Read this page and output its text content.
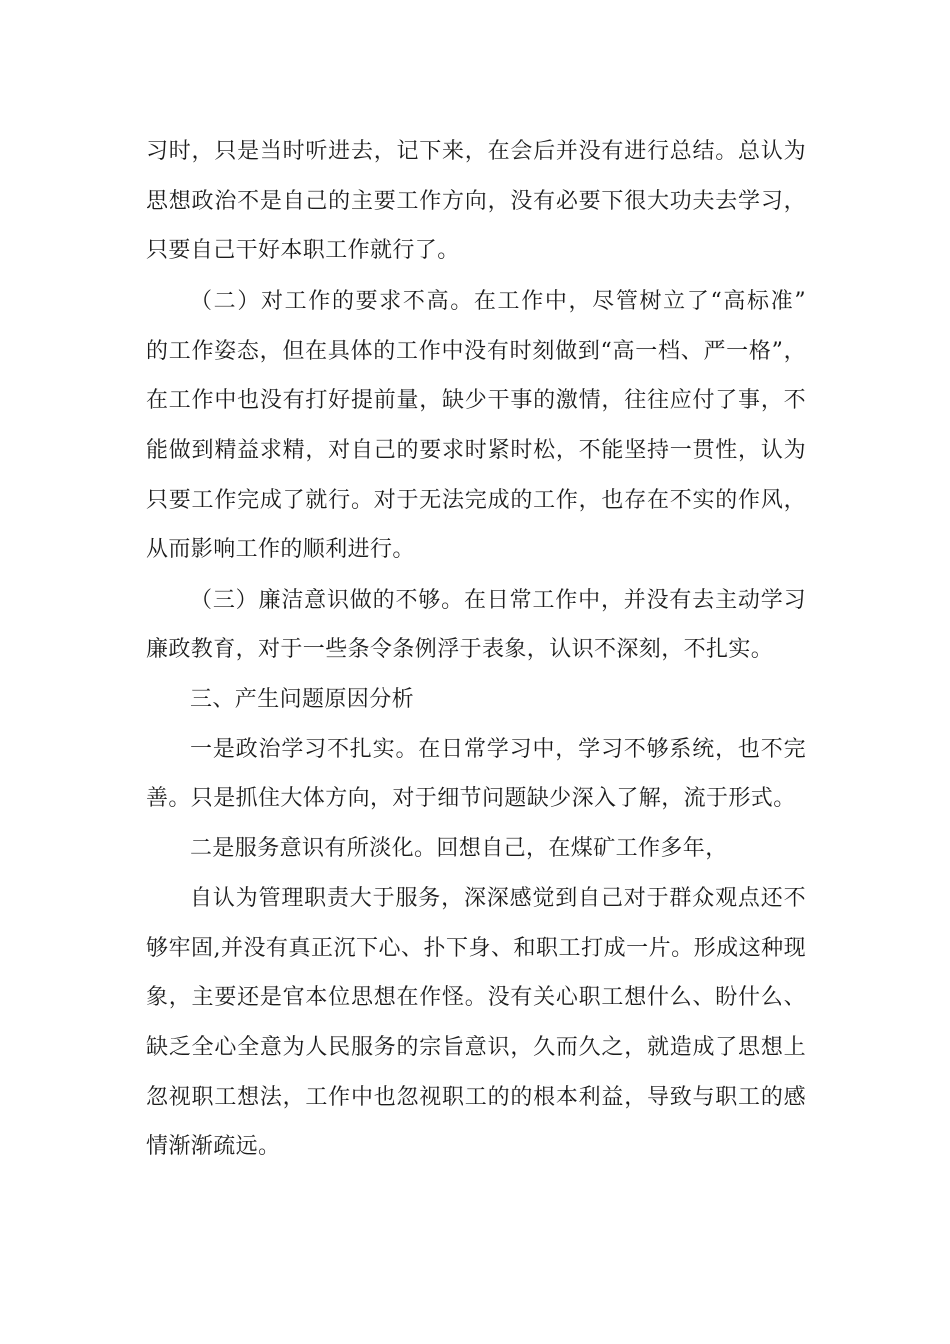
习时，只是当时听进去，记下来，在会后并没有进行总结。总认为
思想政治不是自己的主要工作方向，没有必要下很大功夫去学习，
只要自己干好本职工作就行了。
（二）对工作的要求不高。在工作中，尽管树立了“高标准”
的工作姿态，但在具体的工作中没有时刻做到“高一档、严一格”，
在工作中也没有打好提前量，缺少干事的激情，往往应付了事，不
能做到精益求精，对自己的要求时紧时松，不能坚持一贯性，认为
只要工作完成了就行。对于无法完成的工作，也存在不实的作风，
从而影响工作的顺利进行。
（三）廉洁意识做的不够。在日常工作中，并没有去主动学习
廉政教育，对于一些条令条例浮于表象，认识不深刻，不扎实。
三、产生问题原因分析
一是政治学习不扎实。在日常学习中，学习不够系统，也不完
善。只是抓住大体方向，对于细节问题缺少深入了解，流于形式。
二是服务意识有所淡化。回想自己，在煤矿工作多年，
自认为管理职责大于服务，深深感觉到自己对于群众观点还不
够牢固,并没有真正沉下心、扑下身、和职工打成一片。形成这种现
象，主要还是官本位思想在作怪。没有关心职工想什么、盼什么、
缺乏全心全意为人民服务的宗旨意识，久而久之，就造成了思想上
忽视职工想法，工作中也忽视职工的的根本利益，导致与职工的感
情渐渐疏远。
